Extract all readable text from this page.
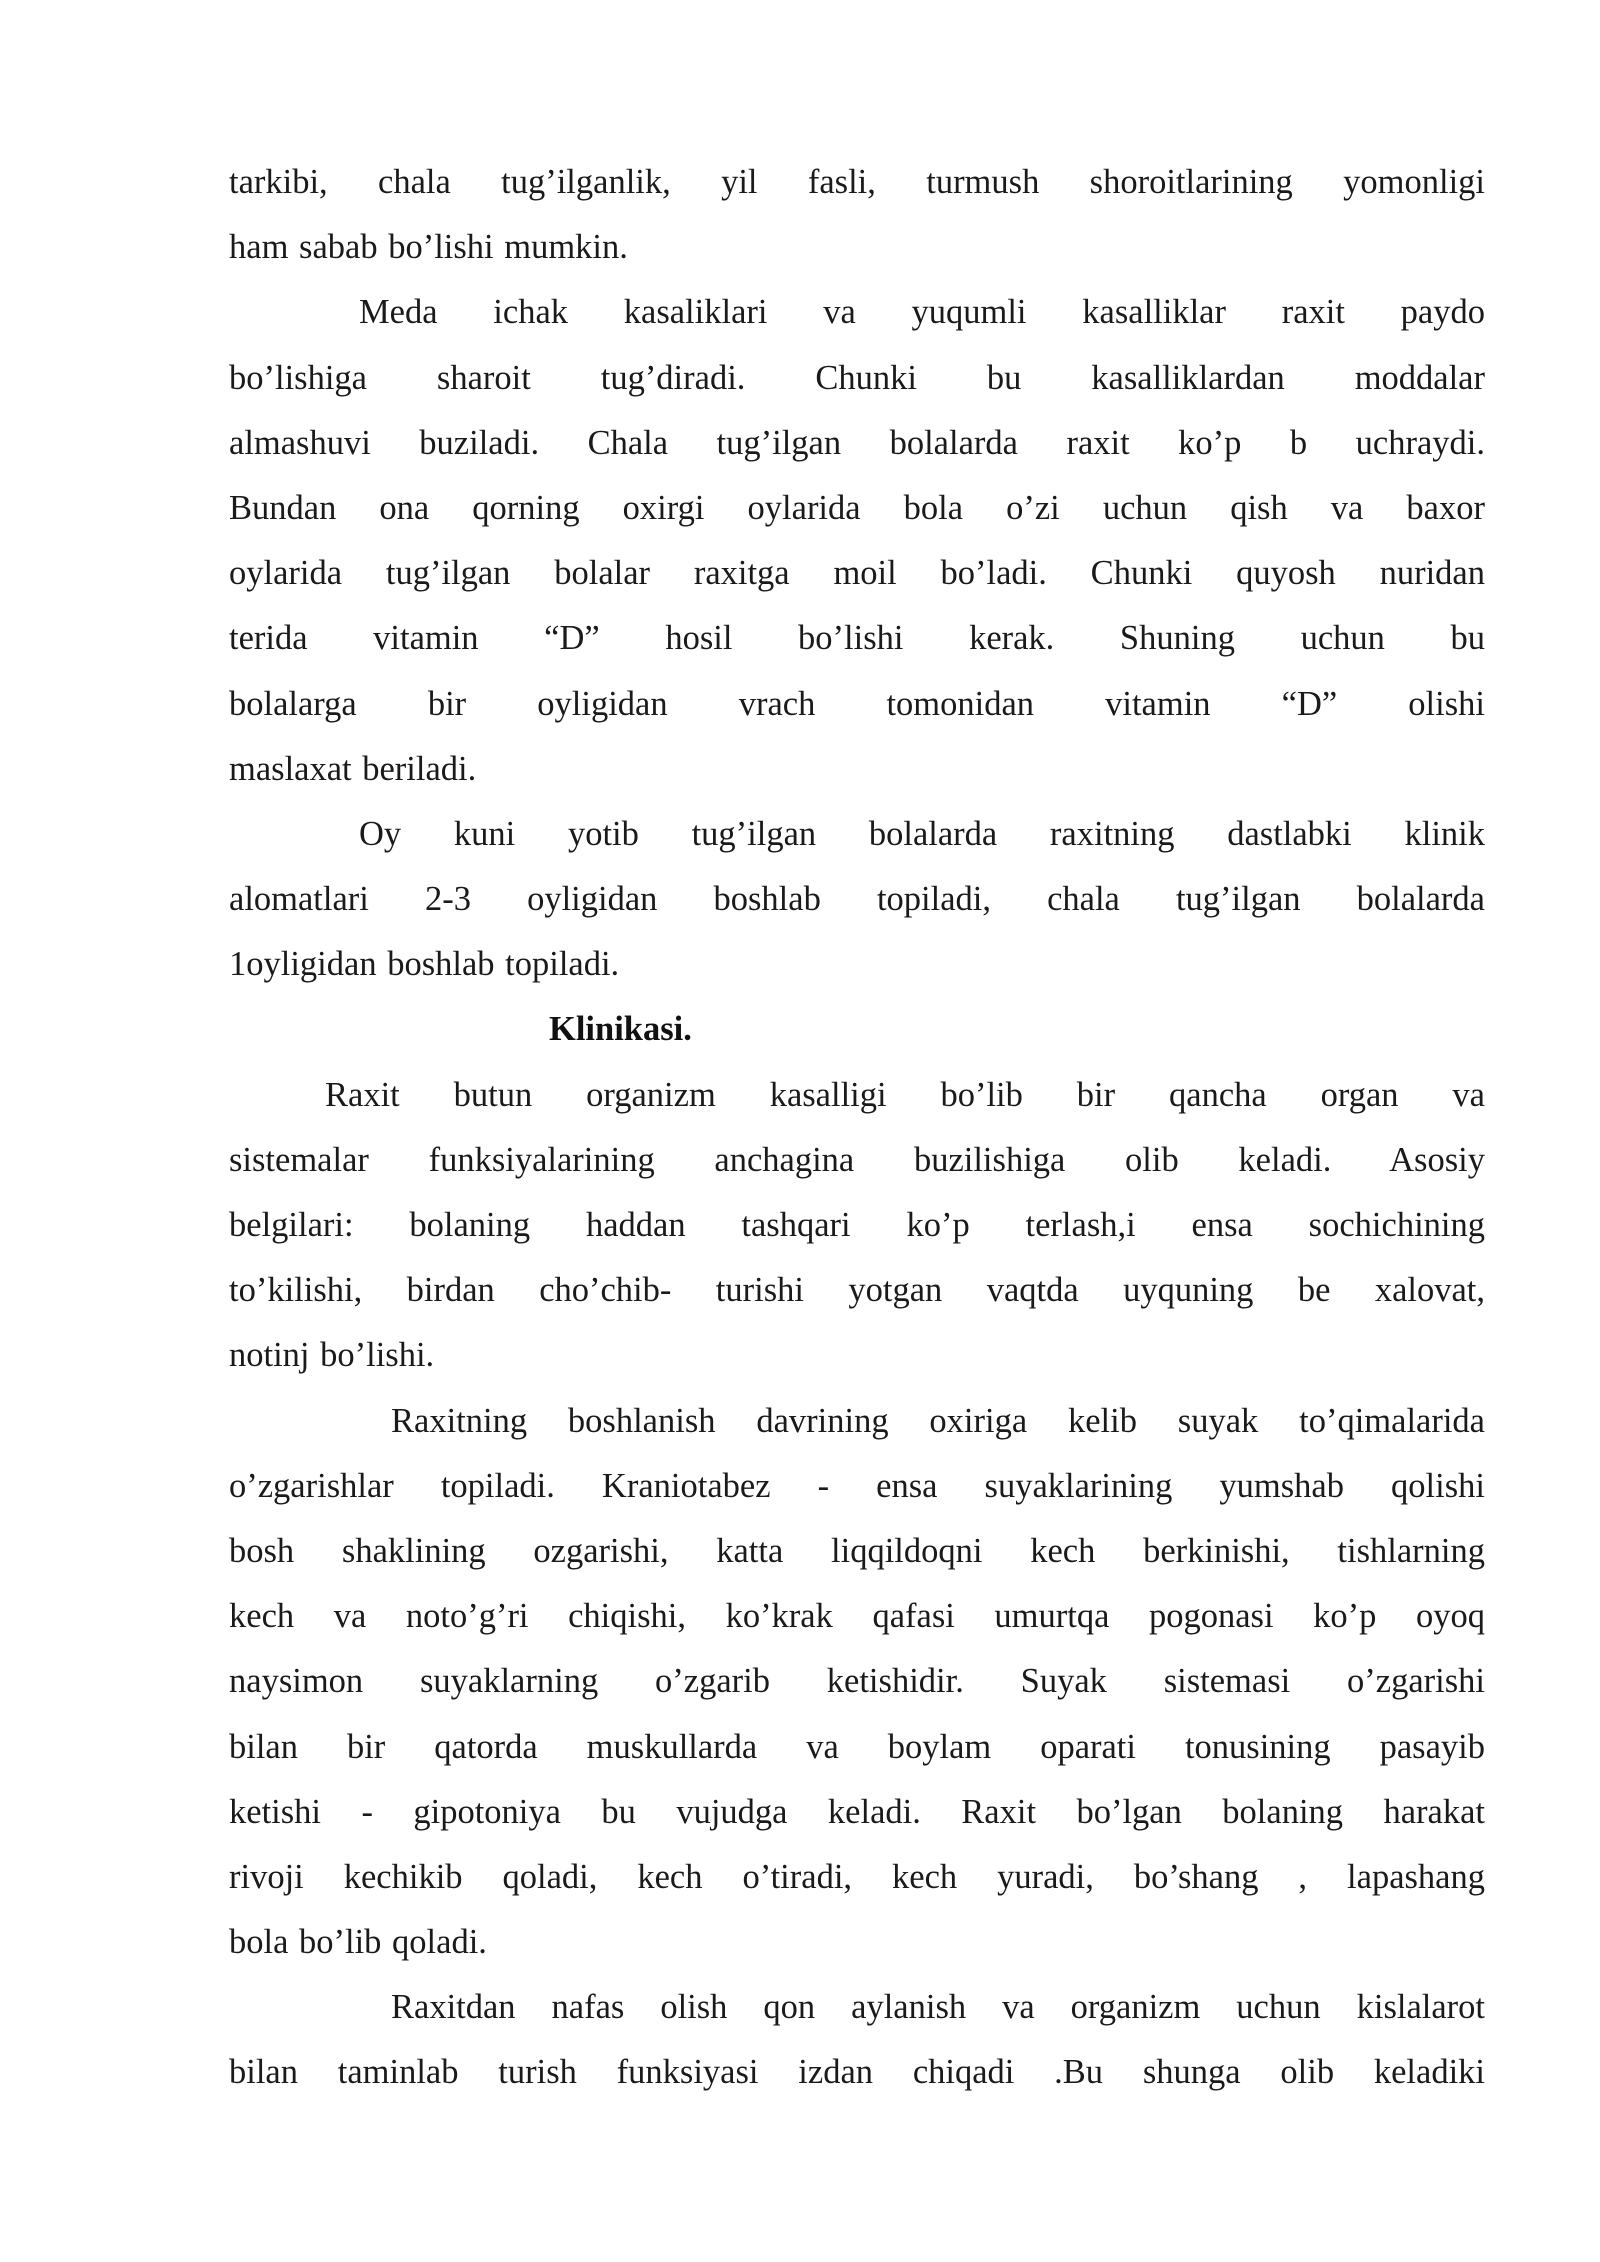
tarkibi, chala tug’ilganlik, yil fasli, turmush shoroitlarining yomonligi
ham sabab bo’lishi mumkin.
Meda ichak kasaliklari va yuqumli kasalliklar raxit paydo
bo’lishiga sharoit tug’diradi. Chunki bu kasalliklardan moddalar
almashuvi buziladi. Chala tug’ilgan bolalarda raxit ko’p b uchraydi.
Bundan ona qorning oxirgi oylarida bola o’zi uchun qish va baxor
oylarida tug’ilgan bolalar raxitga moil bo’ladi. Chunki quyosh nuridan
terida vitamin “D” hosil bo’lishi kerak. Shuning uchun bu
bolalarga bir oyligidan vrach tomonidan vitamin “D” olishi
maslaxat beriladi.
Oy kuni yotib tug’ilgan bolalarda raxitning dastlabki klinik
alomatlari 2-3 oyligidan boshlab topiladi, chala tug’ilgan bolalarda
1oyligidan boshlab topiladi.
Klinikasi.
Raxit butun organizm kasalligi bo’lib bir qancha organ va
sistemalar funksiyalarining anchagina buzilishiga olib keladi. Asosiy
belgilari: bolaning haddan tashqari ko’p terlash,i ensa sochichining
to’kilishi, birdan cho’chib- turishi yotgan vaqtda uyquning be xalovat,
notinj bo’lishi.
Raxitning boshlanish davrining oxiriga kelib suyak to’qimalarida
o’zgarishlar topiladi. Kraniotabez - ensa suyaklarining yumshab qolishi
bosh shaklining ozgarishi, katta liqqildoqni kech berkinishi, tishlarning
kech va noto’g’ri chiqishi, ko’krak qafasi umurtqa pogonasi ko’p oyoq
naysimon suyaklarning o’zgarib ketishidir. Suyak sistemasi o’zgarishi
bilan bir qatorda muskullarda va boylam oparati tonusining pasayib
ketishi - gipotoniya bu vujudga keladi. Raxit bo’lgan bolaning harakat
rivoji kechikib qoladi, kech o’tiradi, kech yuradi, bo’shang , lapashang
bola bo’lib qoladi.
Raxitdan nafas olish qon aylanish va organizm uchun kislalarot
bilan taminlab turish funksiyasi izdan chiqadi .Bu shunga olib keladiki
